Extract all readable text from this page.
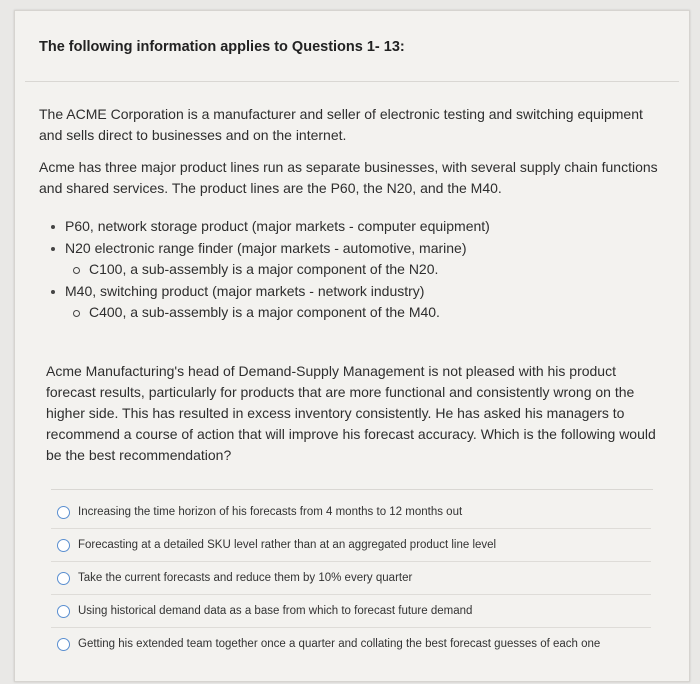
The following information applies to Questions 1- 13:
The ACME Corporation is a manufacturer and seller of electronic testing and switching equipment and sells direct to businesses and on the internet.
Acme has three major product lines run as separate businesses, with several supply chain functions and shared services. The product lines are the P60, the N20, and the M40.
P60, network storage product (major markets - computer equipment)
N20 electronic range finder (major markets - automotive, marine)
C100, a sub-assembly is a major component of the N20.
M40, switching product (major markets - network industry)
C400, a sub-assembly is a major component of the M40.
Acme Manufacturing's head of Demand-Supply Management is not pleased with his product forecast results, particularly for products that are more functional and consistently wrong on the higher side. This has resulted in excess inventory consistently. He has asked his managers to recommend a course of action that will improve his forecast accuracy. Which is the following would be the best recommendation?
Increasing the time horizon of his forecasts from 4 months to 12 months out
Forecasting at a detailed SKU level rather than at an aggregated product line level
Take the current forecasts and reduce them by 10% every quarter
Using historical demand data as a base from which to forecast future demand
Getting his extended team together once a quarter and collating the best forecast guesses of each one
